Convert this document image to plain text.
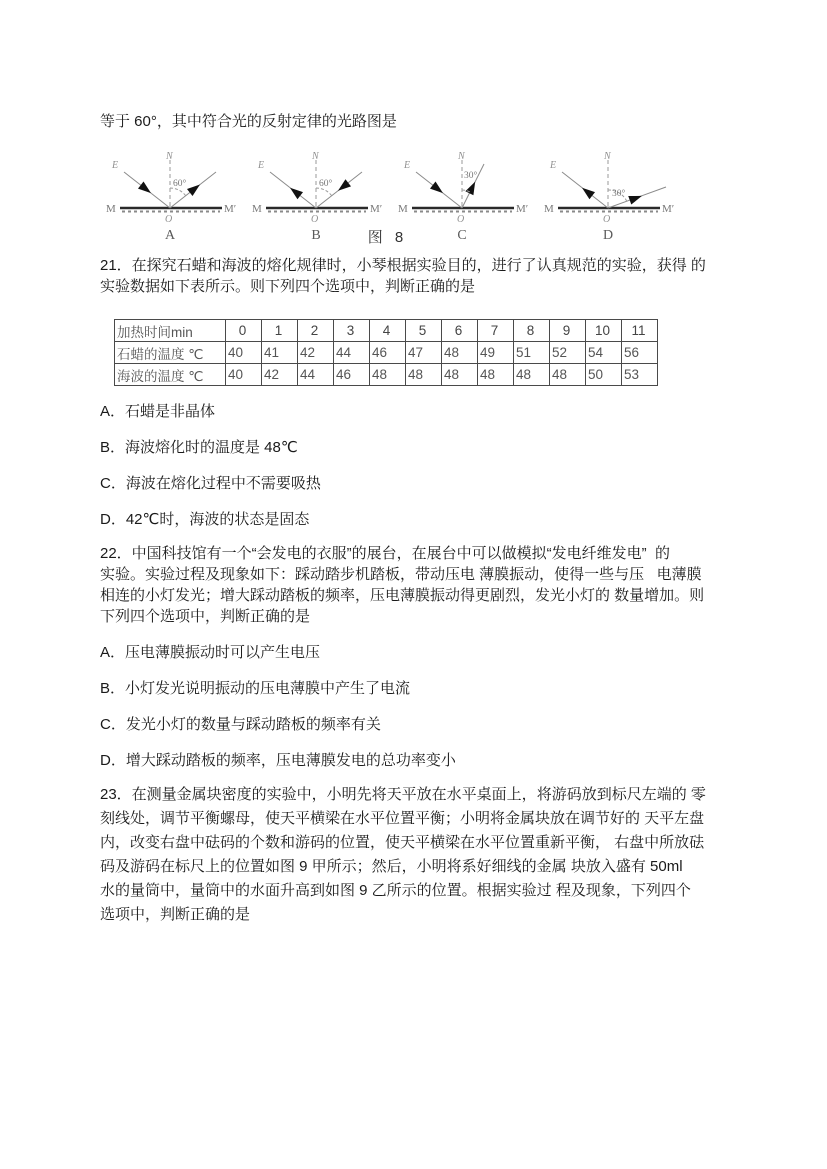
等于 60°，其中符合光的反射定律的光路图是
60°
N
E
M	M′
O
A
60°
N
E
M	M′
O
B
30°
N
E
M	M′
O
C
30°
N
E
M	M′
O
D
图 8
21．在探究石蜡和海波的熔化规律时，小琴根据实验目的，进行了认真规范的实验，获得 的
实验数据如下表所示。则下列四个选项中，判断正确的是
加热时间min	0	1	2	3	4	5	6	7	8	9	10	11
石蜡的温度 ℃	40	41	42	44	46	47	48	49	51	52	54	56
海波的温度 ℃	40	42	44	46	48	48	48	48	48	48	50	53
A．石蜡是非晶体
B．海波熔化时的温度是 48℃
C．海波在熔化过程中不需要吸热
D．42℃时，海波的状态是固态
22．中国科技馆有一个“会发电的衣服”的展台，在展台中可以做模拟“发电纤维发电”  的
实验。实验过程及现象如下：踩动踏步机踏板，带动压电 薄膜振动，使得一些与压   电薄膜
相连的小灯发光；增大踩动踏板的频率，压电薄膜振动得更剧烈，发光小灯的 数量增加。则
下列四个选项中，判断正确的是
A．压电薄膜振动时可以产生电压
B．小灯发光说明振动的压电薄膜中产生了电流
C．发光小灯的数量与踩动踏板的频率有关
D．增大踩动踏板的频率，压电薄膜发电的总功率变小
23．在测量金属块密度的实验中，小明先将天平放在水平桌面上，将游码放到标尺左端的 零
刻线处，调节平衡螺母，使天平横梁在水平位置平衡；小明将金属块放在调节好的 天平左盘
内，改变右盘中砝码的个数和游码的位置，使天平横梁在水平位置重新平衡， 右盘中所放砝
码及游码在标尺上的位置如图 9 甲所示；然后，小明将系好细线的金属 块放入盛有 50ml
水的量筒中，量筒中的水面升高到如图 9 乙所示的位置。根据实验过 程及现象，下列四个
选项中，判断正确的是
